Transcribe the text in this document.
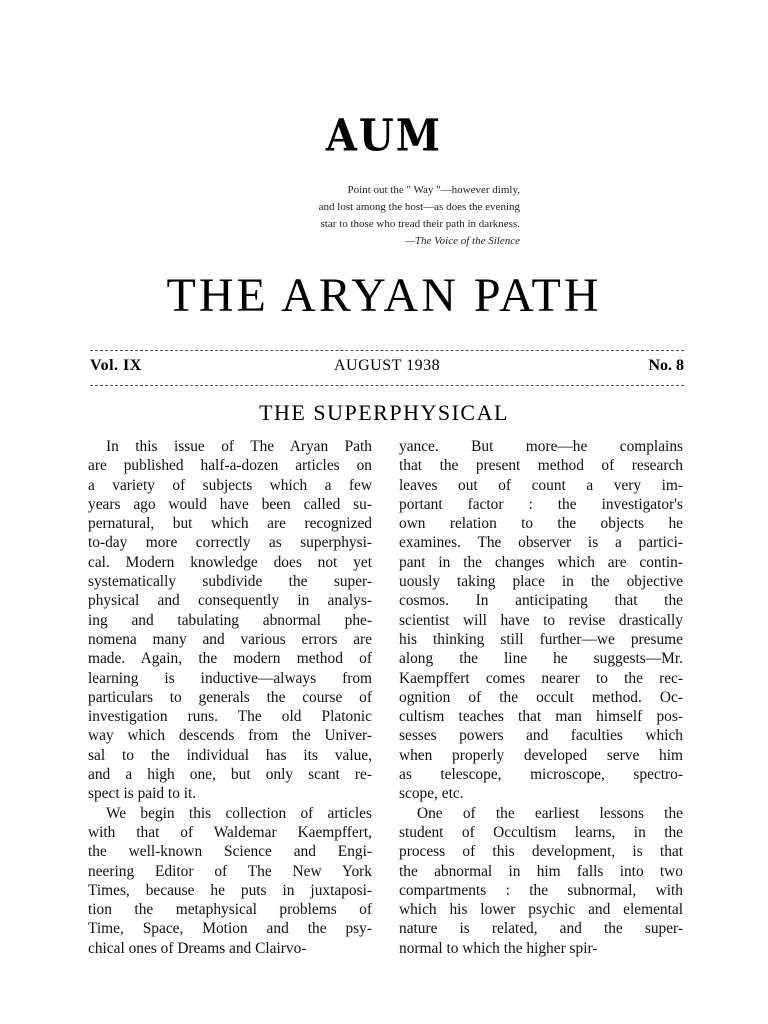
AUM
Point out the " Way "—however dimly,
and lost among the host—as does the evening
star to those who tread their path in darkness.
—The Voice of the Silence
THE ARYAN PATH
Vol. IX	AUGUST 1938	No. 8
THE SUPERPHYSICAL
In this issue of The Aryan Path
are published half-a-dozen articles on
a variety of subjects which a few
years ago would have been called su-
pernatural, but which are recognized
to-day more correctly as superphysi-
cal. Modern knowledge does not yet
systematically subdivide the super-
physical and consequently in analys-
ing and tabulating abnormal phe-
nomena many and various errors are
made. Again, the modern method of
learning is inductive—always from
particulars to generals the course of
investigation runs. The old Platonic
way which descends from the Univer-
sal to the individual has its value,
and a high one, but only scant re-
spect is paid to it.
We begin this collection of articles
with that of Waldemar Kaempffert,
the well-known Science and Engi-
neering Editor of The New York
Times, because he puts in juxtaposi-
tion the metaphysical problems of
Time, Space, Motion and the psy-
chical ones of Dreams and Clairvo-
yance. But more—he complains
that the present method of research
leaves out of count a very im-
portant factor : the investigator's
own relation to the objects he
examines. The observer is a partici-
pant in the changes which are contin-
uously taking place in the objective
cosmos. In anticipating that the
scientist will have to revise drastically
his thinking still further—we presume
along the line he suggests—Mr.
Kaempffert comes nearer to the rec-
ognition of the occult method. Oc-
cultism teaches that man himself pos-
sesses powers and faculties which
when properly developed serve him
as telescope, microscope, spectro-
scope, etc.
One of the earliest lessons the
student of Occultism learns, in the
process of this development, is that
the abnormal in him falls into two
compartments : the subnormal, with
which his lower psychic and elemental
nature is related, and the super-
normal to which the higher spir-
